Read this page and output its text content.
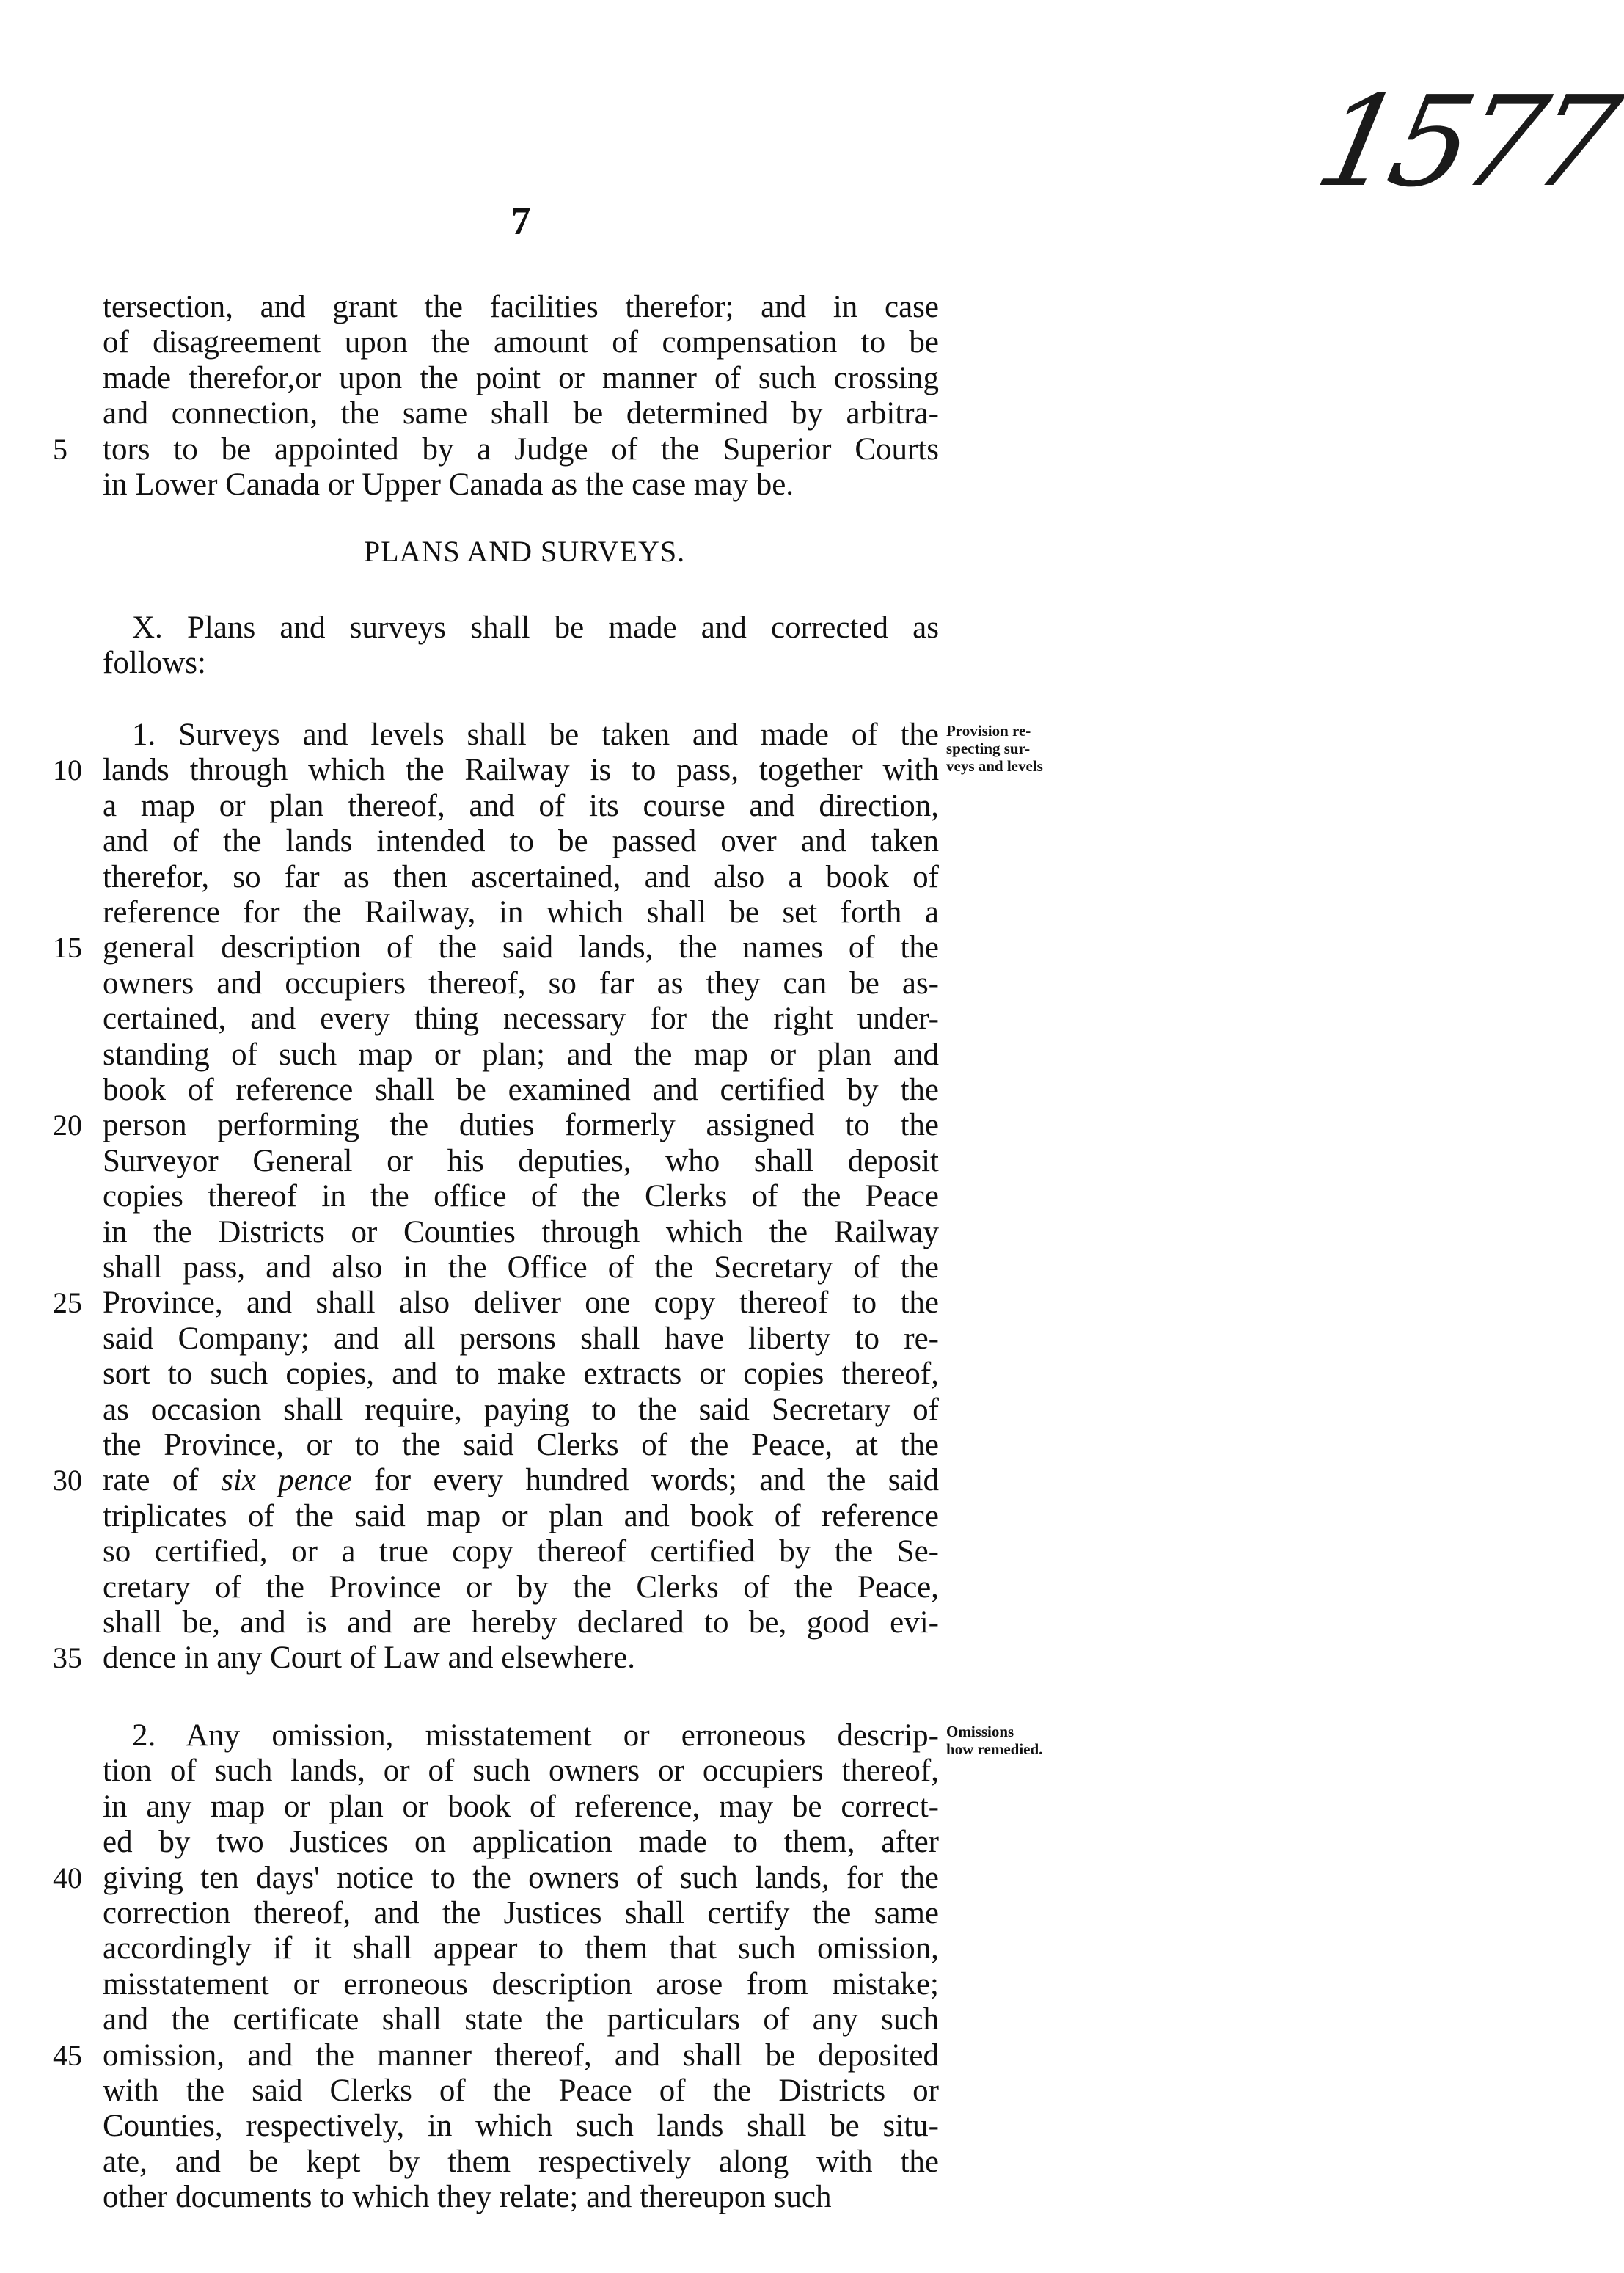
1577
7
PLANS AND SURVEYS.
tersection, and grant the facilities therefor; and in case
of disagreement upon the amount of compensation to be
made therefor,or upon the point or manner of such crossing
and connection, the same shall be determined by arbitra-
tors to be appointed by a Judge of the Superior Courts
5
in Lower Canada or Upper Canada as the case may be.
X. Plans and surveys shall be made and corrected as
follows:
1. Surveys and levels shall be taken and made of the
lands through which the Railway is to pass, together with
10
a map or plan thereof, and of its course and direction,
and of the lands intended to be passed over and taken
therefor, so far as then ascertained, and also a book of
reference for the Railway, in which shall be set forth a
general description of the said lands, the names of the
15
owners and occupiers thereof, so far as they can be as-
certained, and every thing necessary for the right under-
standing of such map or plan; and the map or plan and
book of reference shall be examined and certified by the
person performing the duties formerly assigned to the
20
Surveyor General or his deputies, who shall deposit
copies thereof in the office of the Clerks of the Peace
in the Districts or Counties through which the Railway
shall pass, and also in the Office of the Secretary of the
Province, and shall also deliver one copy thereof to the
25
said Company; and all persons shall have liberty to re-
sort to such copies, and to make extracts or copies thereof,
as occasion shall require, paying to the said Secretary of
the Province, or to the said Clerks of the Peace, at the
rate of six pence for every hundred words; and the said
30
triplicates of the said map or plan and book of reference
so certified, or a true copy thereof certified by the Se-
cretary of the Province or by the Clerks of the Peace,
shall be, and is and are hereby declared to be, good evi-
dence in any Court of Law and elsewhere.
35
2. Any omission, misstatement or erroneous descrip-
tion of such lands, or of such owners or occupiers thereof,
in any map or plan or book of reference, may be correct-
ed by two Justices on application made to them, after
giving ten days' notice to the owners of such lands, for the
40
correction thereof, and the Justices shall certify the same
accordingly if it shall appear to them that such omission,
misstatement or erroneous description arose from mistake;
and the certificate shall state the particulars of any such
omission, and the manner thereof, and shall be deposited
45
with the said Clerks of the Peace of the Districts or
Counties, respectively, in which such lands shall be situ-
ate, and be kept by them respectively along with the
other documents to which they relate; and thereupon such
Provision re-
specting sur-
veys and levels
Omissions
how remedied.
